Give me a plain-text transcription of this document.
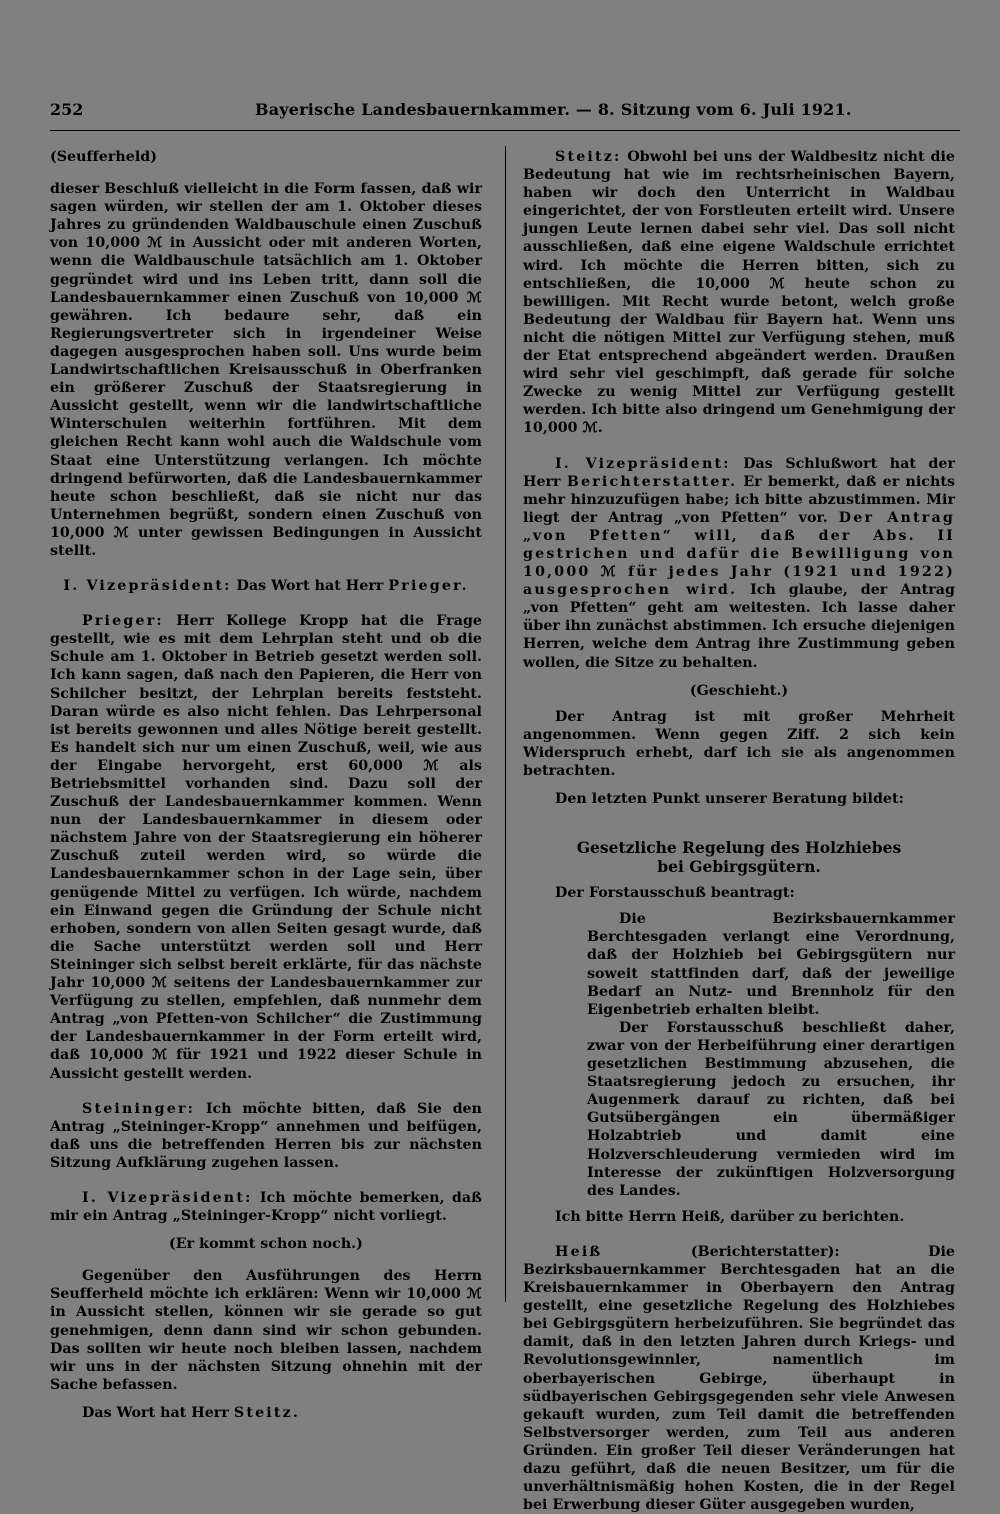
252	Bayerische Landesbauernkammer. — 8. Sitzung vom 6. Juli 1921.

(Seufferheld)

dieser Beschluß vielleicht in die Form fassen, daß wir sagen würden, wir stellen der am 1. Oktober dieses Jahres zu gründenden Waldbauschule einen Zuschuß von 10,000 ℳ in Aussicht oder mit anderen Worten, wenn die Waldbauschule tatsächlich am 1. Oktober gegründet wird und ins Leben tritt, dann soll die Landesbauernkammer einen Zuschuß von 10,000 ℳ gewähren. Ich bedaure sehr, daß ein Regierungsvertreter sich in irgendeiner Weise dagegen ausgesprochen haben soll. Uns wurde beim Landwirtschaftlichen Kreisausschuß in Oberfranken ein größerer Zuschuß der Staatsregierung in Aussicht gestellt, wenn wir die landwirtschaftliche Winterschulen weiterhin fortführen. Mit dem gleichen Recht kann wohl auch die Waldschule vom Staat eine Unterstützung verlangen. Ich möchte dringend befürworten, daß die Landesbauernkammer heute schon beschließt, daß sie nicht nur das Unternehmen begrüßt, sondern einen Zuschuß von 10,000 ℳ unter gewissen Bedingungen in Aussicht stellt.

I. Vizepräsident: Das Wort hat Herr Prieger.

Prieger: Herr Kollege Kropp hat die Frage gestellt, wie es mit dem Lehrplan steht und ob die Schule am 1. Oktober in Betrieb gesetzt werden soll. Ich kann sagen, daß nach den Papieren, die Herr von Schilcher besitzt, der Lehrplan bereits feststeht. Daran würde es also nicht fehlen. Das Lehrpersonal ist bereits gewonnen und alles Nötige bereit gestellt. Es handelt sich nur um einen Zuschuß, weil, wie aus der Eingabe hervorgeht, erst 60,000 ℳ als Betriebsmittel vorhanden sind. Dazu soll der Zuschuß der Landesbauernkammer kommen. Wenn nun der Landesbauernkammer in diesem oder nächstem Jahre von der Staatsregierung ein höherer Zuschuß zuteil werden wird, so würde die Landesbauernkammer schon in der Lage sein, über genügende Mittel zu verfügen. Ich würde, nachdem ein Einwand gegen die Gründung der Schule nicht erhoben, sondern von allen Seiten gesagt wurde, daß die Sache unterstützt werden soll und Herr Steininger sich selbst bereit erklärte, für das nächste Jahr 10,000 ℳ seitens der Landesbauernkammer zur Verfügung zu stellen, empfehlen, daß nunmehr dem Antrag „von Pfetten-von Schilcher“ die Zustimmung der Landesbauernkammer in der Form erteilt wird, daß 10,000 ℳ für 1921 und 1922 dieser Schule in Aussicht gestellt werden.

Steininger: Ich möchte bitten, daß Sie den Antrag „Steininger-Kropp“ annehmen und beifügen, daß uns die betreffenden Herren bis zur nächsten Sitzung Aufklärung zugehen lassen.

I. Vizepräsident: Ich möchte bemerken, daß mir ein Antrag „Steininger-Kropp“ nicht vorliegt.

(Er kommt schon noch.)

Gegenüber den Ausführungen des Herrn Seufferheld möchte ich erklären: Wenn wir 10,000 ℳ in Aussicht stellen, können wir sie gerade so gut genehmigen, denn dann sind wir schon gebunden. Das sollten wir heute noch bleiben lassen, nachdem wir uns in der nächsten Sitzung ohnehin mit der Sache befassen.

Das Wort hat Herr Steitz.

Steitz: Obwohl bei uns der Waldbesitz nicht die Bedeutung hat wie im rechtsrheinischen Bayern, haben wir doch den Unterricht in Waldbau eingerichtet, der von Forstleuten erteilt wird. Unsere jungen Leute lernen dabei sehr viel. Das soll nicht ausschließen, daß eine eigene Waldschule errichtet wird. Ich möchte die Herren bitten, sich zu entschließen, die 10,000 ℳ heute schon zu bewilligen. Mit Recht wurde betont, welch große Bedeutung der Waldbau für Bayern hat. Wenn uns nicht die nötigen Mittel zur Verfügung stehen, muß der Etat entsprechend abgeändert werden. Draußen wird sehr viel geschimpft, daß gerade für solche Zwecke zu wenig Mittel zur Verfügung gestellt werden. Ich bitte also dringend um Genehmigung der 10,000 ℳ.

I. Vizepräsident: Das Schlußwort hat der Herr Berichterstatter. Er bemerkt, daß er nichts mehr hinzuzufügen habe; ich bitte abzustimmen. Mir liegt der Antrag „von Pfetten“ vor. Der Antrag „von Pfetten“ will, daß der Abs. II gestrichen und dafür die Bewilligung von 10,000 ℳ für jedes Jahr (1921 und 1922) ausgesprochen wird. Ich glaube, der Antrag „von Pfetten“ geht am weitesten. Ich lasse daher über ihn zunächst abstimmen. Ich ersuche diejenigen Herren, welche dem Antrag ihre Zustimmung geben wollen, die Sitze zu behalten.

(Geschieht.)

Der Antrag ist mit großer Mehrheit angenommen. Wenn gegen Ziff. 2 sich kein Widerspruch erhebt, darf ich sie als angenommen betrachten.

Den letzten Punkt unserer Beratung bildet:

Gesetzliche Regelung des Holzhiebes

bei Gebirgsgütern.

Der Forstausschuß beantragt:

Die Bezirksbauernkammer Berchtesgaden verlangt eine Verordnung, daß der Holzhieb bei Gebirgsgütern nur soweit stattfinden darf, daß der jeweilige Bedarf an Nutz- und Brennholz für den Eigenbetrieb erhalten bleibt.

Der Forstausschuß beschließt daher, zwar von der Herbeiführung einer derartigen gesetzlichen Bestimmung abzusehen, die Staatsregierung jedoch zu ersuchen, ihr Augenmerk darauf zu richten, daß bei Gutsübergängen ein übermäßiger Holzabtrieb und damit eine Holzverschleuderung vermieden wird im Interesse der zukünftigen Holzversorgung des Landes.

Ich bitte Herrn Heiß, darüber zu berichten.

Heiß	(Berichterstatter): Die Bezirksbauernkammer Berchtesgaden hat an die Kreisbauernkammer in Oberbayern den Antrag gestellt, eine gesetzliche Regelung des Holzhiebes bei Gebirgsgütern herbeizuführen. Sie begründet das damit, daß in den letzten Jahren durch Kriegs- und Revolutionsgewinnler, namentlich im oberbayerischen Gebirge, überhaupt in südbayerischen Gebirgsgegenden sehr viele Anwesen gekauft wurden, zum Teil damit die betreffenden Selbstversorger werden, zum Teil aus anderen Gründen. Ein großer Teil dieser Veränderungen hat dazu geführt, daß die neuen Besitzer, um für die unverhältnismäßig hohen Kosten, die in der Regel bei Erwerbung dieser Güter ausgegeben wurden,
